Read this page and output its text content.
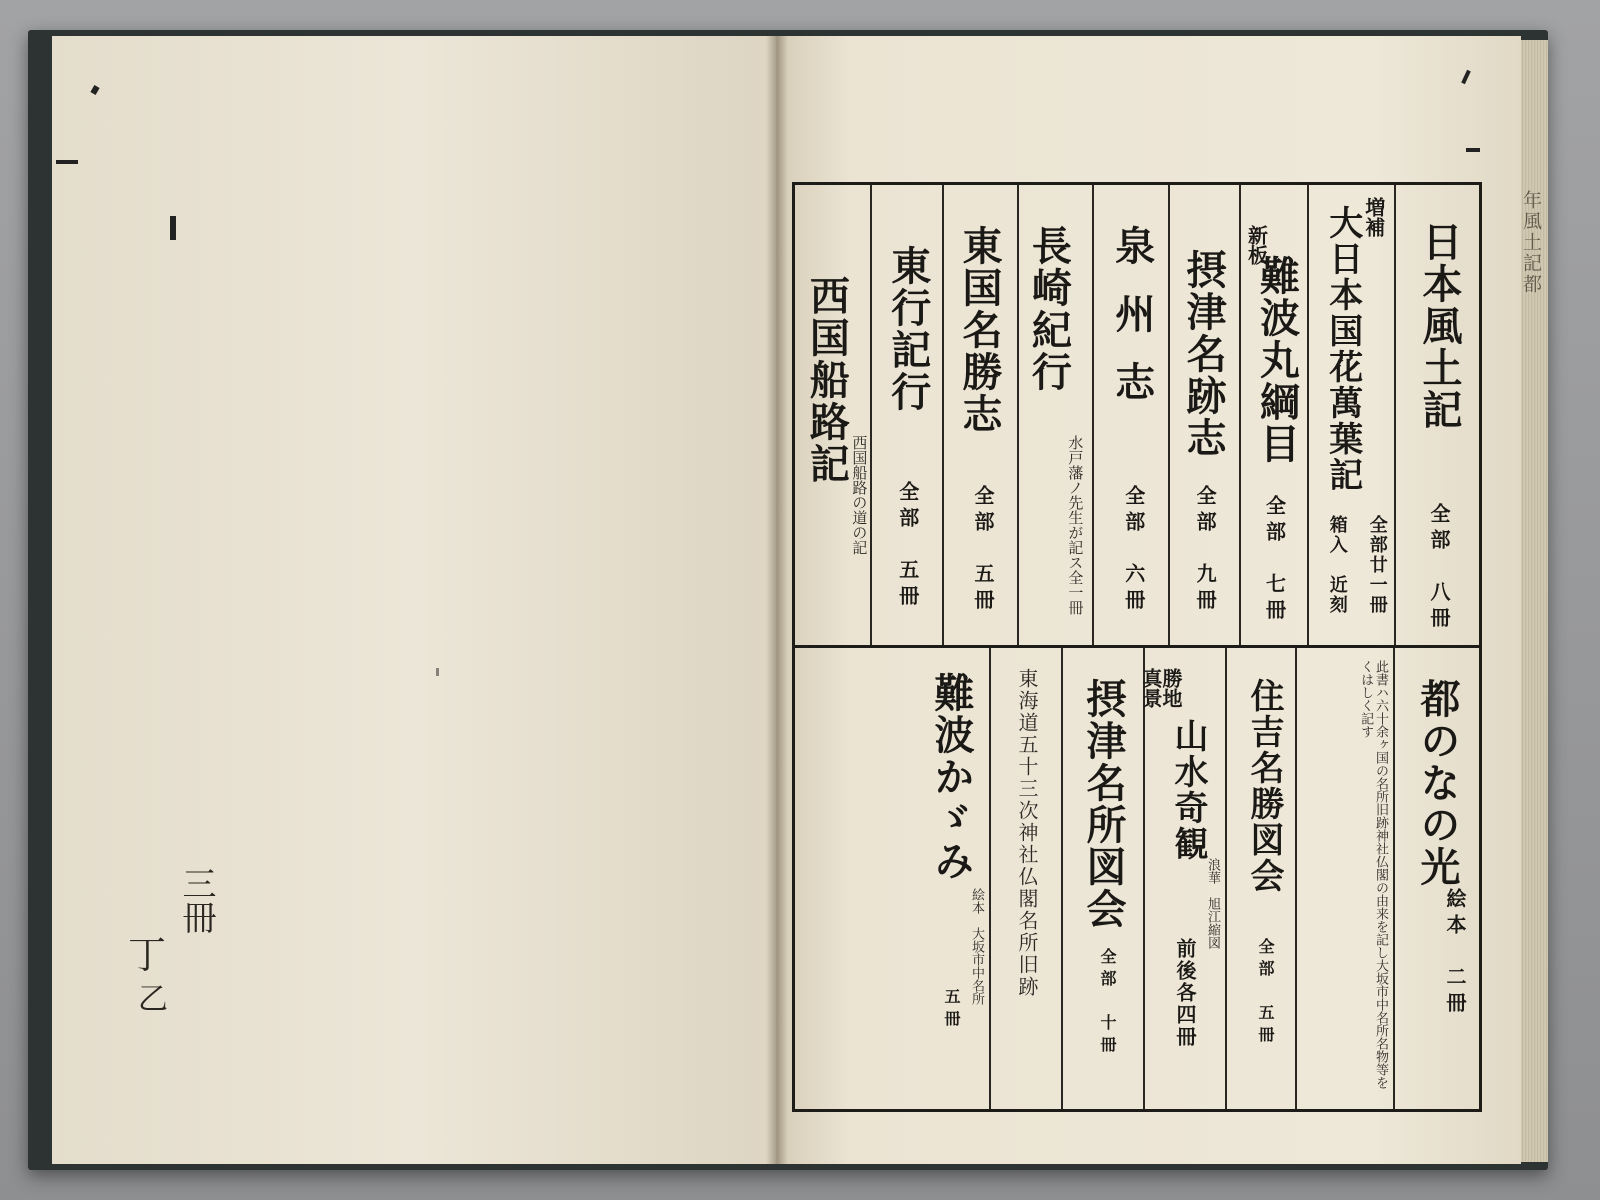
三冊
丁
乙
年風土記都
日本風土記
全部　八冊
増補
大日本国花萬葉記
全部廿一冊
箱入　近刻
新板
難波丸綱目
全部　七冊
摂津名跡志
全部　九冊
泉州志
全部　六冊
長崎紀行
水戸藩ノ先生が記ス全一冊
東国名勝志
全部　五冊
東行記行
全部　五冊
西国船路記
西国船路の道の記
都のなの光
絵本　二冊
此書ハ六十余ヶ国の名所旧跡神社仏閣の由来を記し大坂市中名所名物等をくはしく記す
住吉名勝図会
全部　五冊
勝地 真景
山水奇観
浪華　旭江縮図
前後各四冊
摂津名所図会
全部　十冊
東海道五十三次神社仏閣名所旧跡
難波かゞみ
絵本　大坂市中名所
五冊
